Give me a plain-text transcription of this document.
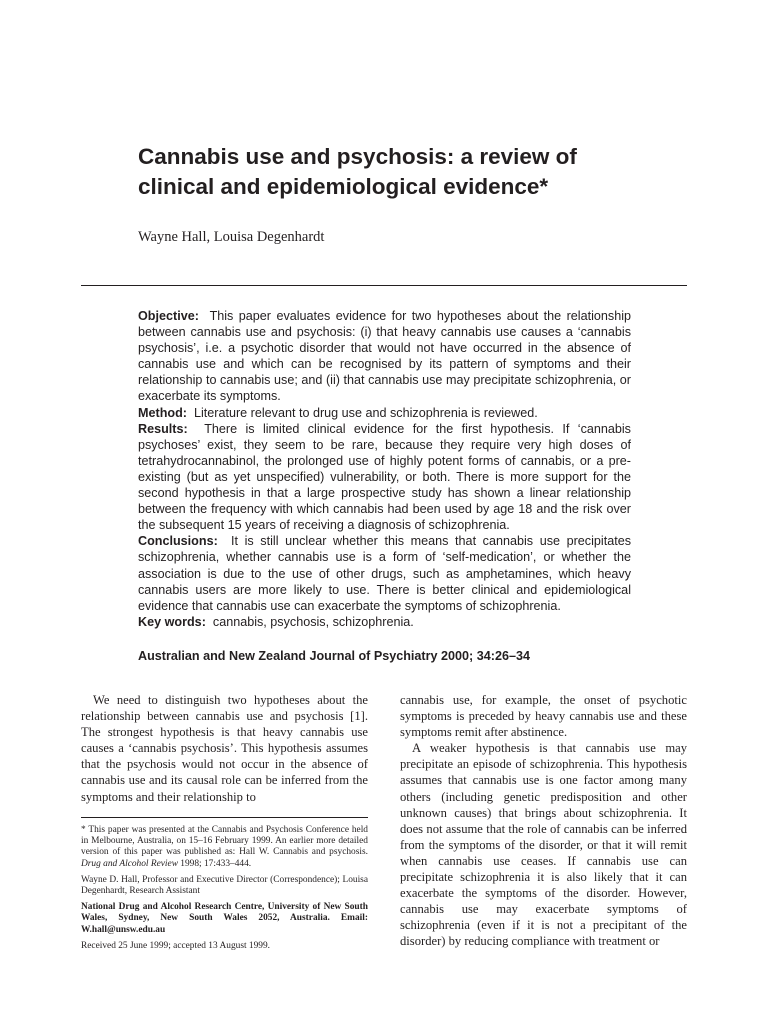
Cannabis use and psychosis: a review of
clinical and epidemiological evidence*
Wayne Hall, Louisa Degenhardt

Objective: This paper evaluates evidence for two hypotheses about the relationship between cannabis use and psychosis: (i) that heavy cannabis use causes a ‘cannabis psychosis’, i.e. a psychotic disorder that would not have occurred in the absence of cannabis use and which can be recognised by its pattern of symptoms and their relationship to cannabis use; and (ii) that cannabis use may precipitate schizophrenia, or exacerbate its symptoms.

Method: Literature relevant to drug use and schizophrenia is reviewed.

Results: There is limited clinical evidence for the first hypothesis. If ‘cannabis psychoses’ exist, they seem to be rare, because they require very high doses of tetrahydrocannabinol, the prolonged use of highly potent forms of cannabis, or a pre-existing (but as yet unspecified) vulnerability, or both. There is more support for the second hypothesis in that a large prospective study has shown a linear relationship between the frequency with which cannabis had been used by age 18 and the risk over the subsequent 15 years of receiving a diagnosis of schizophrenia.

Conclusions: It is still unclear whether this means that cannabis use precipitates schizophrenia, whether cannabis use is a form of ‘self-medication’, or whether the association is due to the use of other drugs, such as amphetamines, which heavy cannabis users are more likely to use. There is better clinical and epidemiological evidence that cannabis use can exacerbate the symptoms of schizophrenia.

Key words: cannabis, psychosis, schizophrenia.

Australian and New Zealand Journal of Psychiatry 2000; 34:26–34

We need to distinguish two hypotheses about the relationship between cannabis use and psychosis [1]. The strongest hypothesis is that heavy cannabis use causes a ‘cannabis psychosis’. This hypothesis assumes that the psychosis would not occur in the absence of cannabis use and its causal role can be inferred from the symptoms and their relationship to

* This paper was presented at the Cannabis and Psychosis Conference held in Melbourne, Australia, on 15–16 February 1999. An earlier more detailed version of this paper was published as: Hall W. Cannabis and psychosis. Drug and Alcohol Review 1998; 17:433–444.

Wayne D. Hall, Professor and Executive Director (Correspondence); Louisa Degenhardt, Research Assistant

National Drug and Alcohol Research Centre, University of New South Wales, Sydney, New South Wales 2052, Australia. Email: W.hall@unsw.edu.au

Received 25 June 1999; accepted 13 August 1999.

cannabis use, for example, the onset of psychotic symptoms is preceded by heavy cannabis use and these symptoms remit after abstinence.

A weaker hypothesis is that cannabis use may precipitate an episode of schizophrenia. This hypothesis assumes that cannabis use is one factor among many others (including genetic predisposition and other unknown causes) that brings about schizophrenia. It does not assume that the role of cannabis can be inferred from the symptoms of the disorder, or that it will remit when cannabis use ceases. If cannabis use can precipitate schizophrenia it is also likely that it can exacerbate the symptoms of the disorder. However, cannabis use may exacerbate symptoms of schizophrenia (even if it is not a precipitant of the disorder) by reducing compliance with treatment or
